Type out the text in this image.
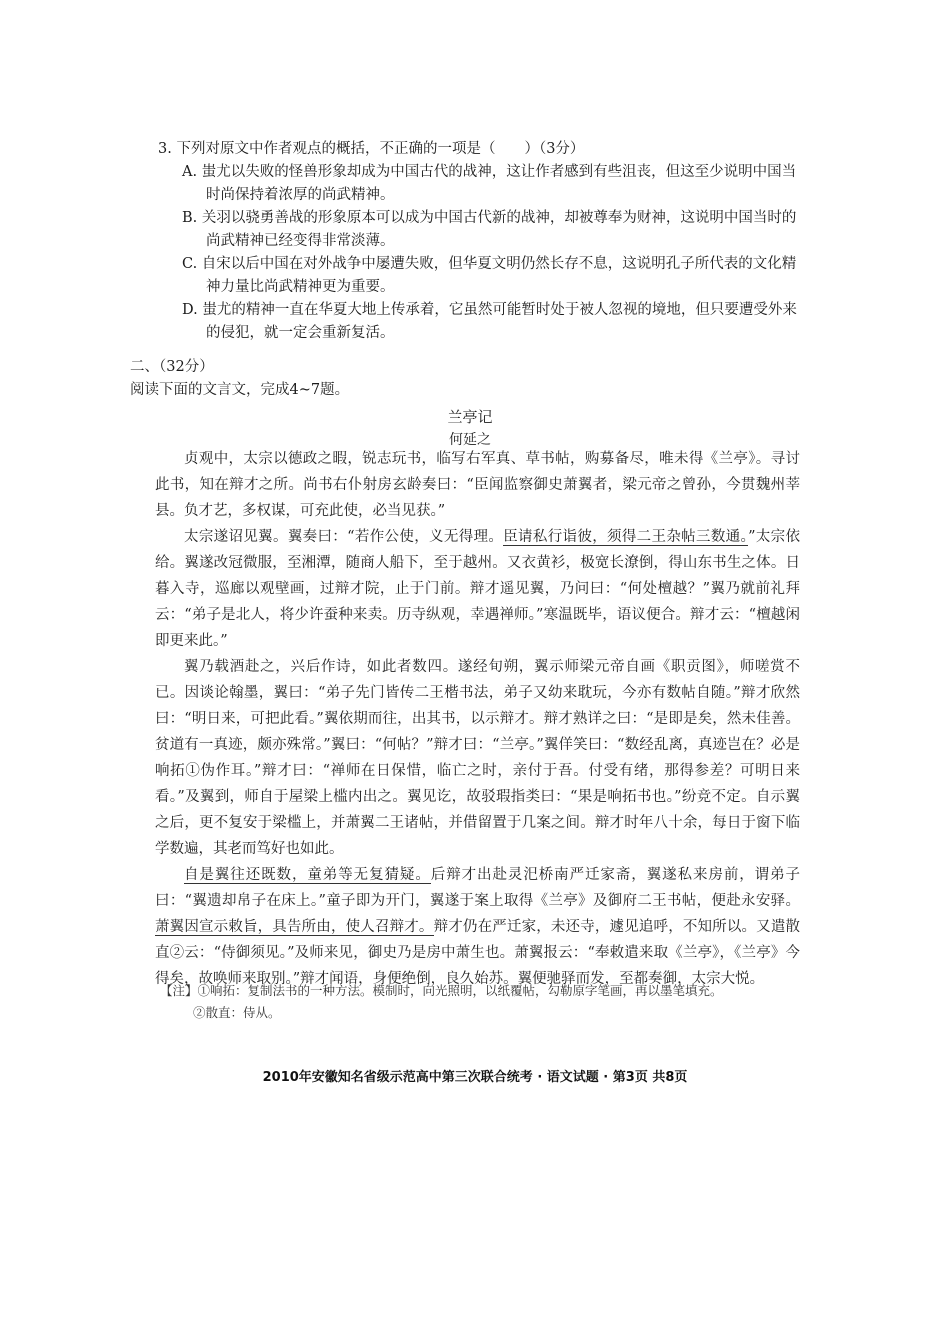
3. 下列对原文中作者观点的概括，不正确的一项是（　　）（3分）
A. 蚩尤以失败的怪兽形象却成为中国古代的战神，这让作者感到有些沮丧，但这至少说明中国当时尚保持着浓厚的尚武精神。
B. 关羽以骁勇善战的形象原本可以成为中国古代新的战神，却被尊奉为财神，这说明中国当时的尚武精神已经变得非常淡薄。
C. 自宋以后中国在对外战争中屡遭失败，但华夏文明仍然长存不息，这说明孔子所代表的文化精神力量比尚武精神更为重要。
D. 蚩尤的精神一直在华夏大地上传承着，它虽然可能暂时处于被人忽视的境地，但只要遭受外来的侵犯，就一定会重新复活。
二、（32分）
阅读下面的文言文，完成4~7题。
兰亭记
何延之

贞观中，太宗以德政之暇，锐志玩书，临写右军真、草书帖，购募备尽，唯未得《兰亭》。寻讨此书，知在辩才之所。尚书右仆射房玄龄奏曰：“臣闻监察御史萧翼者，梁元帝之曾孙，今贯魏州莘县。负才艺，多权谋，可充此使，必当见获。”

太宗遂诏见翼。翼奏曰：“若作公使，义无得理。臣请私行诣彼，须得二王杂帖三数通。”太宗依给。翼遂改冠微服，至湘潭，随商人船下，至于越州。又衣黄衫，极宽长潦倒，得山东书生之体。日暮入寺，巡廊以观壁画，过辩才院，止于门前。辩才遥见翼，乃问曰：“何处檀越？”翼乃就前礼拜云：“弟子是北人，将少许蚕种来卖。历寺纵观，幸遇禅师。”寒温既毕，语议便合。辩才云：“檀越闲即更来此。”

翼乃载酒赴之，兴后作诗，如此者数四。遂经旬朔，翼示师梁元帝自画《职贡图》，师嗟赏不已。因谈论翰墨，翼曰：“弟子先门皆传二王楷书法，弟子又幼来耽玩，今亦有数帖自随。”辩才欣然曰：“明日来，可把此看。”翼依期而往，出其书，以示辩才。辩才熟详之曰：“是即是矣，然未佳善。贫道有一真迹，颇亦殊常。”翼曰：“何帖？”辩才曰：“兰亭。”翼佯笑曰：“数经乱离，真迹岂在？必是响拓①伪作耳。”辩才曰：“禅师在日保惜，临亡之时，亲付于吾。付受有绪，那得参差？可明日来看。”及翼到，师自于屋梁上槛内出之。翼见讫，故驳瑕指类曰：“果是响拓书也。”纷竞不定。自示翼之后，更不复安于梁槛上，并萧翼二王诸帖，并借留置于几案之间。辩才时年八十余，每日于窗下临学数遍，其老而笃好也如此。

自是翼往还既数，童弟等无复猜疑。后辩才出赴灵汜桥南严迁家斋，翼遂私来房前，谓弟子曰：“翼遗却帛子在床上。”童子即为开门，翼遂于案上取得《兰亭》及御府二王书帖，便赴永安驿。萧翼因宣示敕旨，具告所由，使人召辩才。辩才仍在严迁家，未还寺，遽见追呼，不知所以。又遣散直②云：“侍御须见。”及师来见，御史乃是房中萧生也。萧翼报云：“奉敕遣来取《兰亭》，《兰亭》今得矣，故唤师来取别。”辩才闻语，身便绝倒，良久始苏。翼便驰驿而发，至都奏御，太宗大悦。

【注】①响拓：复制法书的一种方法。模制时，向光照明，以纸覆帖，勾勒原字笔画，再以墨笔填充。
②散直：侍从。
2010年安徽知名省级示范高中第三次联合统考 · 语文试题 · 第3页 共8页
